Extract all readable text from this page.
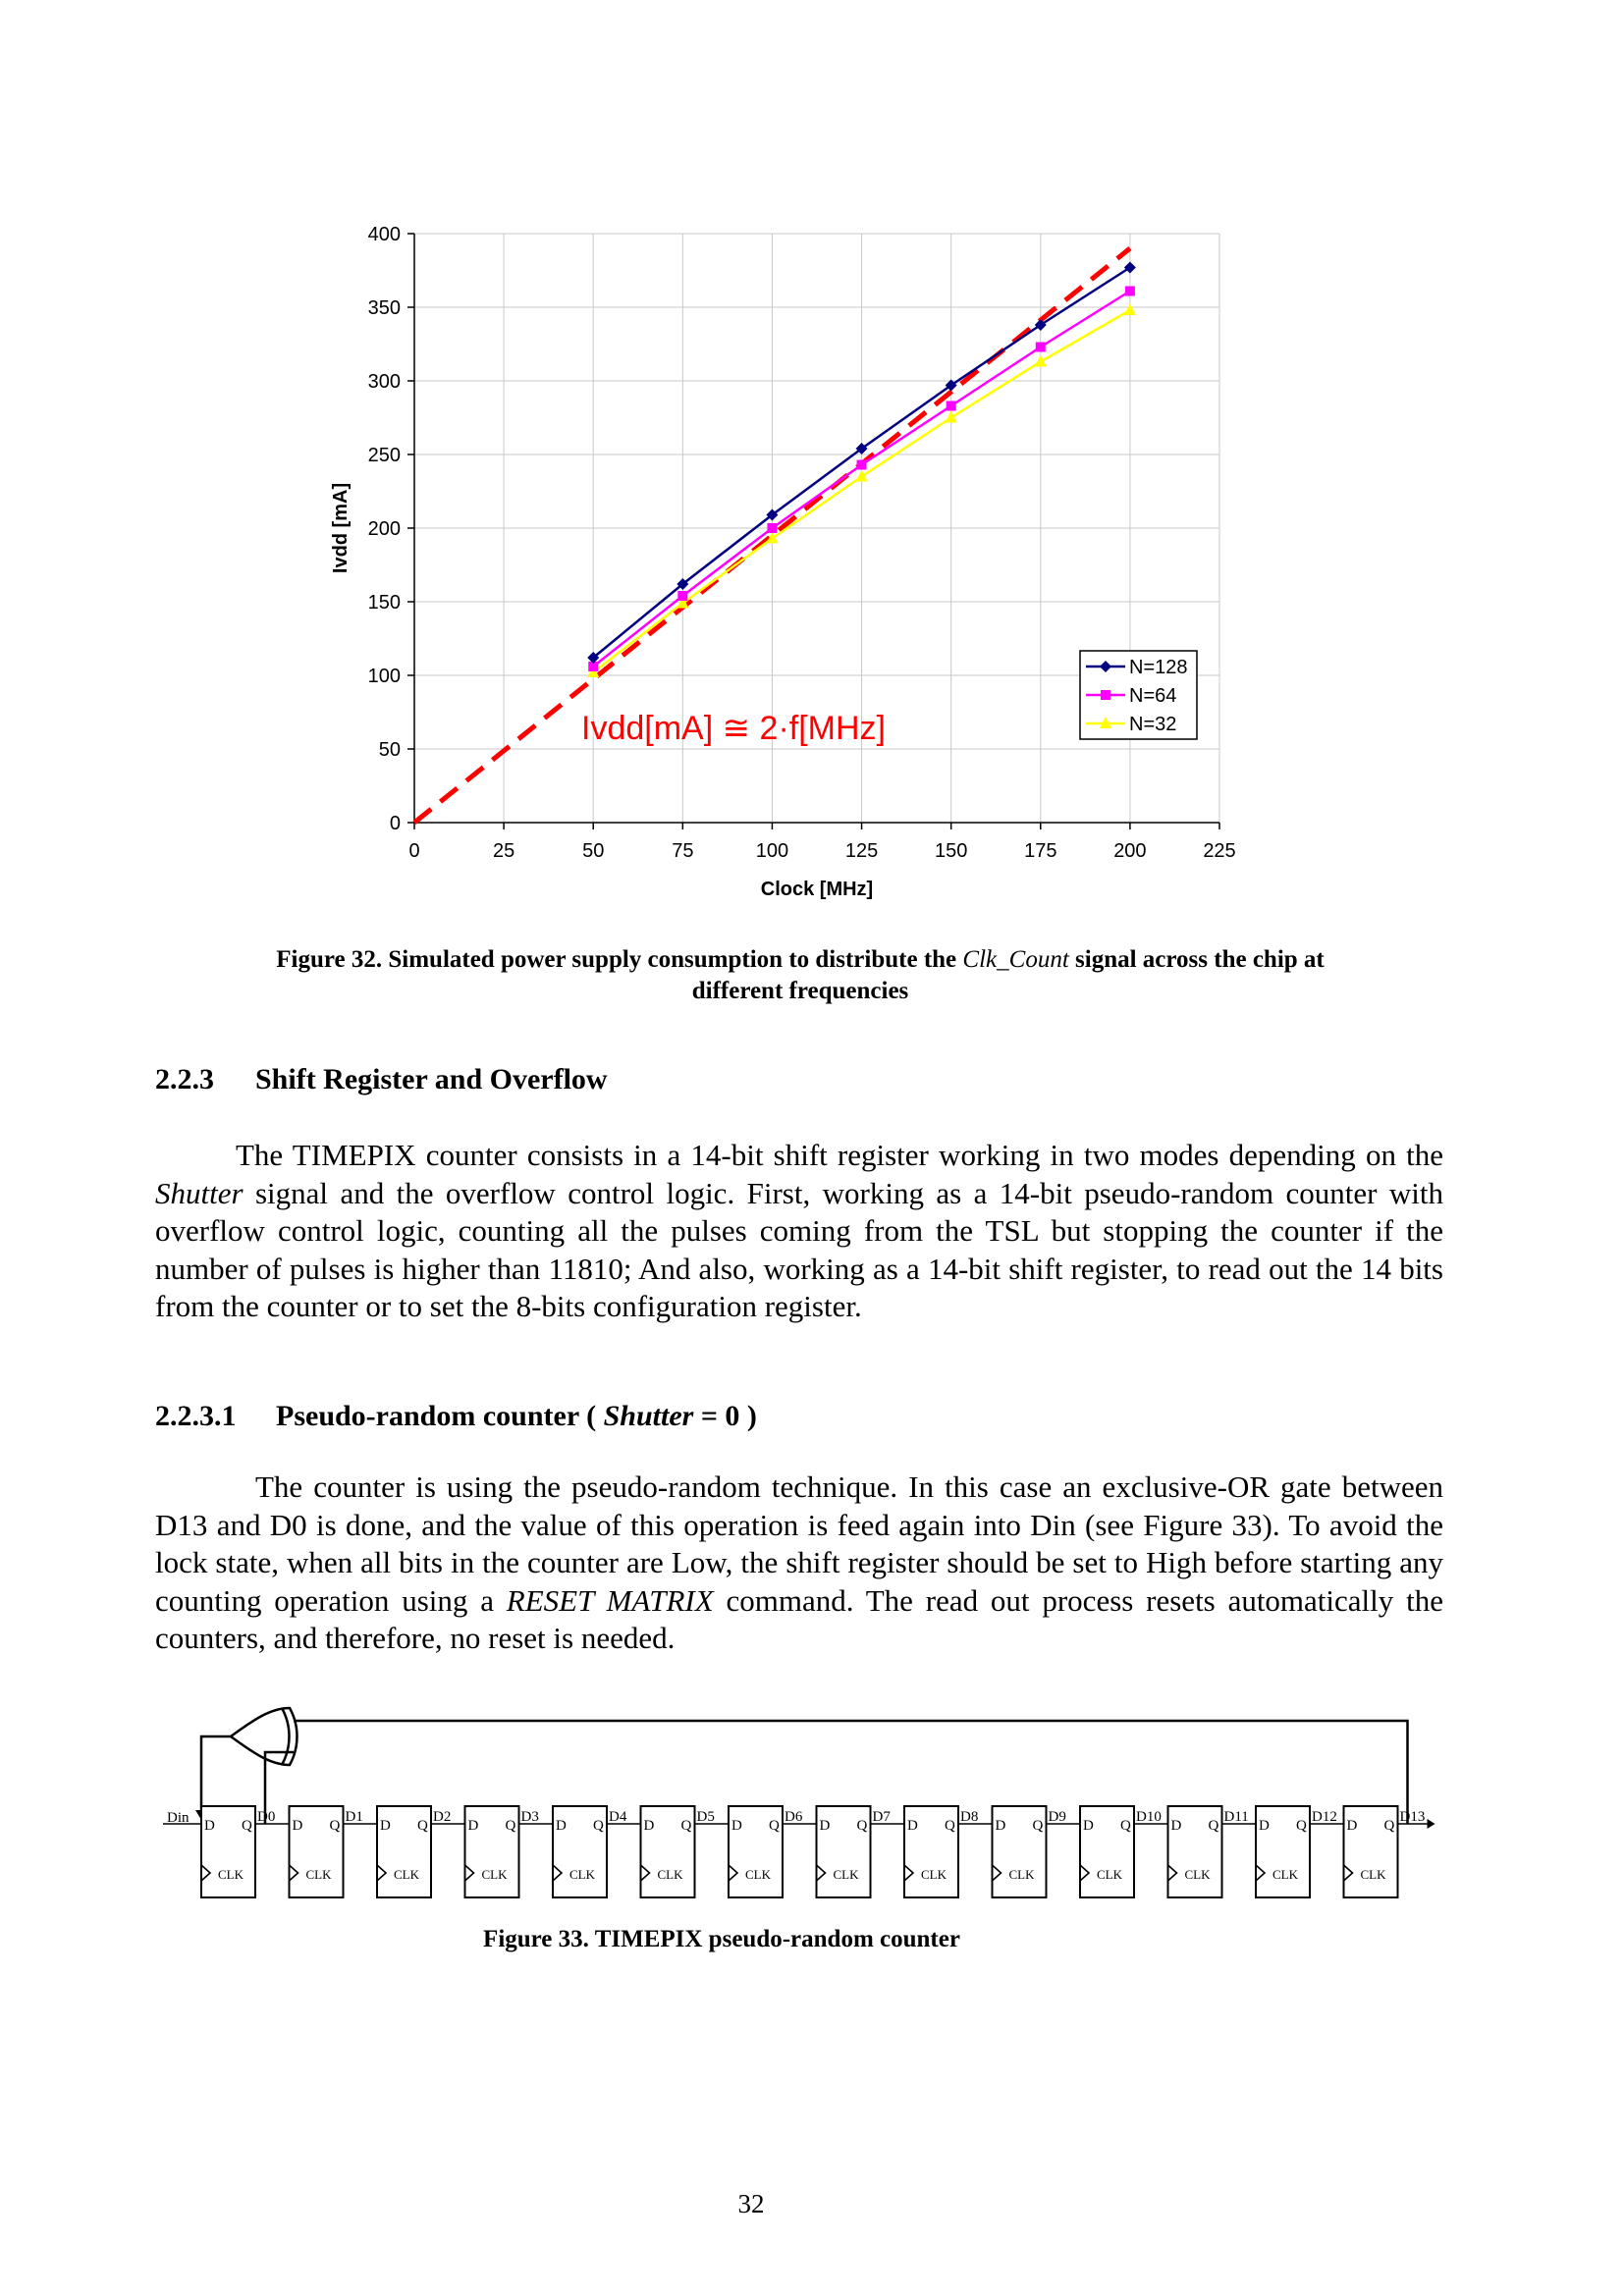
0	25	50	75	100	125	150	175	200	225
0
50
100
150
200
250
300
350
400
N=128
N=64
N=32
Clock [MHz]
Ivdd [mA]
Ivdd[mA] ≅ 2·f[MHz]
Figure 32. Simulated power supply consumption to distribute the Clk_Count signal across the chip at
different frequencies
2.2.3 Shift Register and Overflow

The TIMEPIX counter consists in a 14-bit shift register working in two modes depending on the Shutter signal and the overflow control logic. First, working as a 14-bit pseudo-random counter with overflow control logic, counting all the pulses coming from the TSL but stopping the counter if the number of pulses is higher than 11810; And also, working as a 14-bit shift register, to read out the 14 bits from the counter or to set the 8-bits configuration register.

2.2.3.1 Pseudo-random counter ( Shutter = 0 )

The counter is using the pseudo-random technique. In this case an exclusive-OR gate between D13 and D0 is done, and the value of this operation is feed again into Din (see Figure 33). To avoid the lock state, when all bits in the counter are Low, the shift register should be set to High before starting any counting operation using a RESET MATRIX command. The read out process resets automatically the counters, and therefore, no reset is needed.

Din	D0	D1	D2	D3	D4	D5	D6	D7	D8	D9	D10	D11	D12	D13
D Q
CLK
D Q
CLK
D Q
CLK
D Q
CLK
D Q
CLK
D Q
CLK
D Q
CLK
D Q
CLK
D Q
CLK
D Q
CLK
D Q
CLK
D Q
CLK
D Q
CLK
D Q
CLK
Figure 33. TIMEPIX pseudo-random counter
32
